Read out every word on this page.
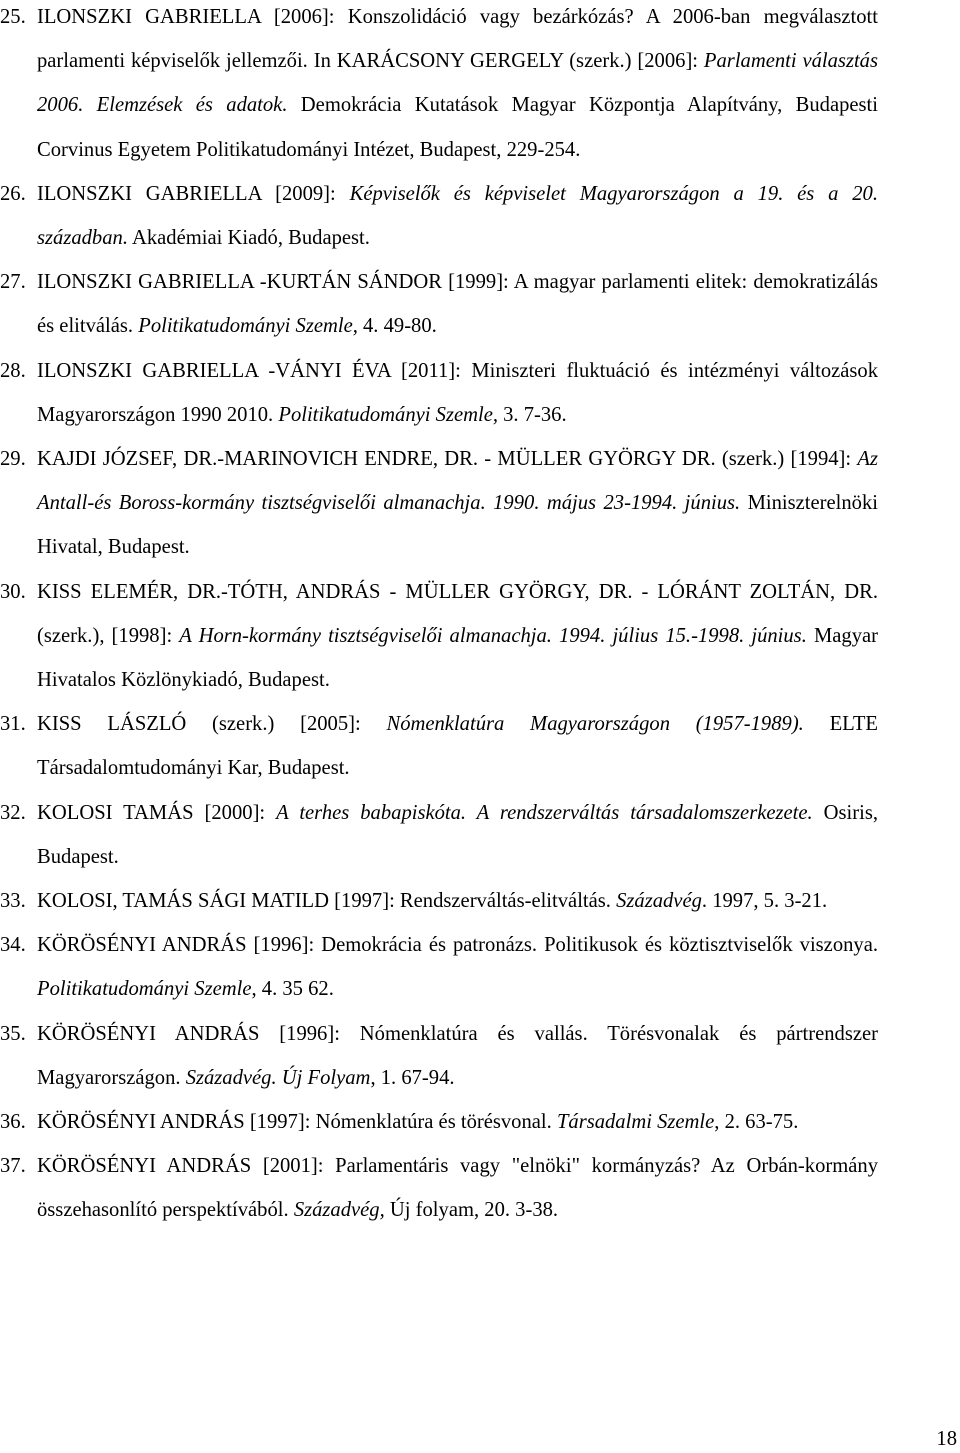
25. ILONSZKI GABRIELLA [2006]: Konszolidáció vagy bezárkózás? A 2006-ban megválasztott parlamenti képviselők jellemzői. In KARÁCSONY GERGELY (szerk.) [2006]: Parlamenti választás 2006. Elemzések és adatok. Demokrácia Kutatások Magyar Központja Alapítvány, Budapesti Corvinus Egyetem Politikatudományi Intézet, Budapest, 229-254.
26. ILONSZKI GABRIELLA [2009]: Képviselők és képviselet Magyarországon a 19. és a 20. században. Akadémiai Kiadó, Budapest.
27. ILONSZKI GABRIELLA -KURTÁN SÁNDOR [1999]: A magyar parlamenti elitek: demokratizálás és elitválás. Politikatudományi Szemle, 4. 49-80.
28. ILONSZKI GABRIELLA -VÁNYI ÉVA [2011]: Miniszteri fluktuáció és intézményi változások Magyarországon 1990 2010. Politikatudományi Szemle, 3. 7-36.
29. KAJDI JÓZSEF, DR.-MARINOVICH ENDRE, DR. - MÜLLER GYÖRGY DR. (szerk.) [1994]: Az Antall-és Boross-kormány tisztségviselői almanachja. 1990. május 23-1994. június. Miniszterelnöki Hivatal, Budapest.
30. KISS ELEMÉR, DR.-TÓTH, ANDRÁS - MÜLLER GYÖRGY, DR. - LÓRÁNT ZOLTÁN, DR. (szerk.), [1998]: A Horn-kormány tisztségviselői almanachja. 1994. július 15.-1998. június. Magyar Hivatalos Közlönykiadó, Budapest.
31. KISS LÁSZLÓ (szerk.) [2005]: Nómenklatúra Magyarországon (1957-1989). ELTE Társadalomtudományi Kar, Budapest.
32. KOLOSI TAMÁS [2000]: A terhes babapiskóta. A rendszerváltás társadalomszerkezete. Osiris, Budapest.
33. KOLOSI, TAMÁS SÁGI MATILD [1997]: Rendszerváltás-elitváltás. Századvég. 1997, 5. 3-21.
34. KÖRÖSÉNYI ANDRÁS [1996]: Demokrácia és patronázs. Politikusok és köztisztviselők viszonya. Politikatudományi Szemle, 4. 35 62.
35. KÖRÖSÉNYI ANDRÁS [1996]: Nómenklatúra és vallás. Törésvonalak és pártrendszer Magyarországon. Századvég. Új Folyam, 1. 67-94.
36. KÖRÖSÉNYI ANDRÁS [1997]: Nómenklatúra és törésvonal. Társadalmi Szemle, 2. 63-75.
37. KÖRÖSÉNYI ANDRÁS [2001]: Parlamentáris vagy "elnöki" kormányzás? Az Orbán-kormány összehasonlító perspektívából. Századvég, Új folyam, 20. 3-38.
18
